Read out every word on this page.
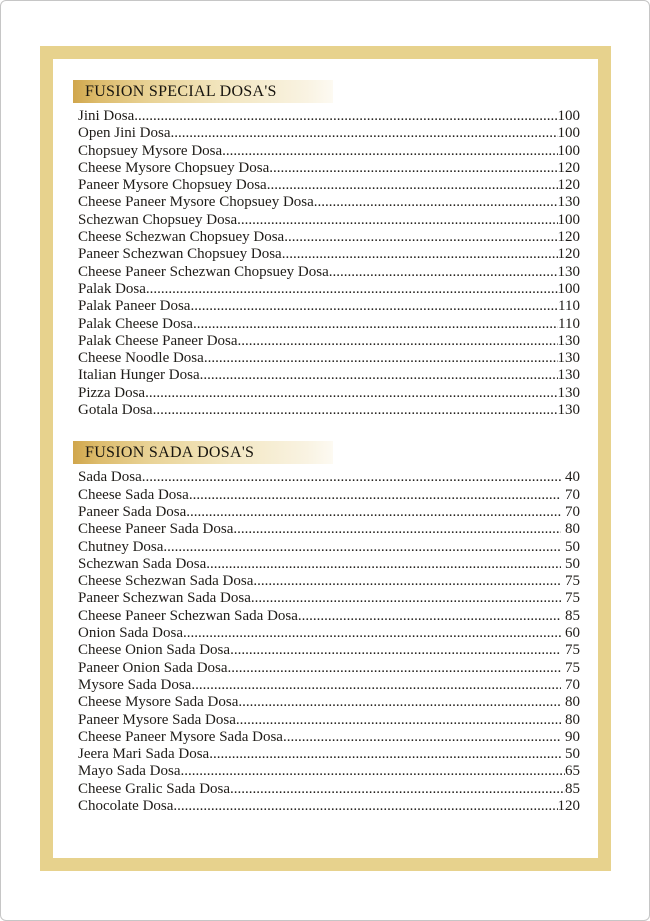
FUSION SPECIAL DOSA'S
Jini Dosa .....	100
Open Jini Dosa .....	100
Chopsuey Mysore Dosa .....	100
Cheese Mysore Chopsuey Dosa .....	120
Paneer Mysore Chopsuey Dosa .....	120
Cheese Paneer Mysore Chopsuey Dosa .....	130
Schezwan Chopsuey Dosa .....	100
Cheese Schezwan Chopsuey Dosa .....	120
Paneer Schezwan Chopsuey Dosa .....	120
Cheese Paneer Schezwan Chopsuey Dosa .....	130
Palak Dosa .....	100
Palak Paneer Dosa .....	110
Palak Cheese Dosa .....	110
Palak Cheese Paneer Dosa .....	130
Cheese Noodle Dosa .....	130
Italian Hunger Dosa .....	130
Pizza Dosa .....	130
Gotala Dosa .....	130
FUSION SADA DOSA'S
Sada Dosa .....	40
Cheese Sada Dosa .....	70
Paneer Sada Dosa .....	70
Cheese Paneer Sada Dosa .....	80
Chutney Dosa .....	50
Schezwan Sada Dosa .....	50
Cheese Schezwan Sada Dosa .....	75
Paneer Schezwan Sada Dosa .....	75
Cheese Paneer Schezwan Sada Dosa .....	85
Onion Sada Dosa .....	60
Cheese Onion Sada Dosa .....	75
Paneer Onion Sada Dosa .....	75
Mysore Sada Dosa .....	70
Cheese Mysore Sada Dosa .....	80
Paneer Mysore Sada Dosa .....	80
Cheese Paneer Mysore Sada Dosa .....	90
Jeera Mari Sada Dosa .....	50
Mayo Sada Dosa .....	65
Cheese Gralic Sada Dosa .....	85
Chocolate Dosa .....	120
